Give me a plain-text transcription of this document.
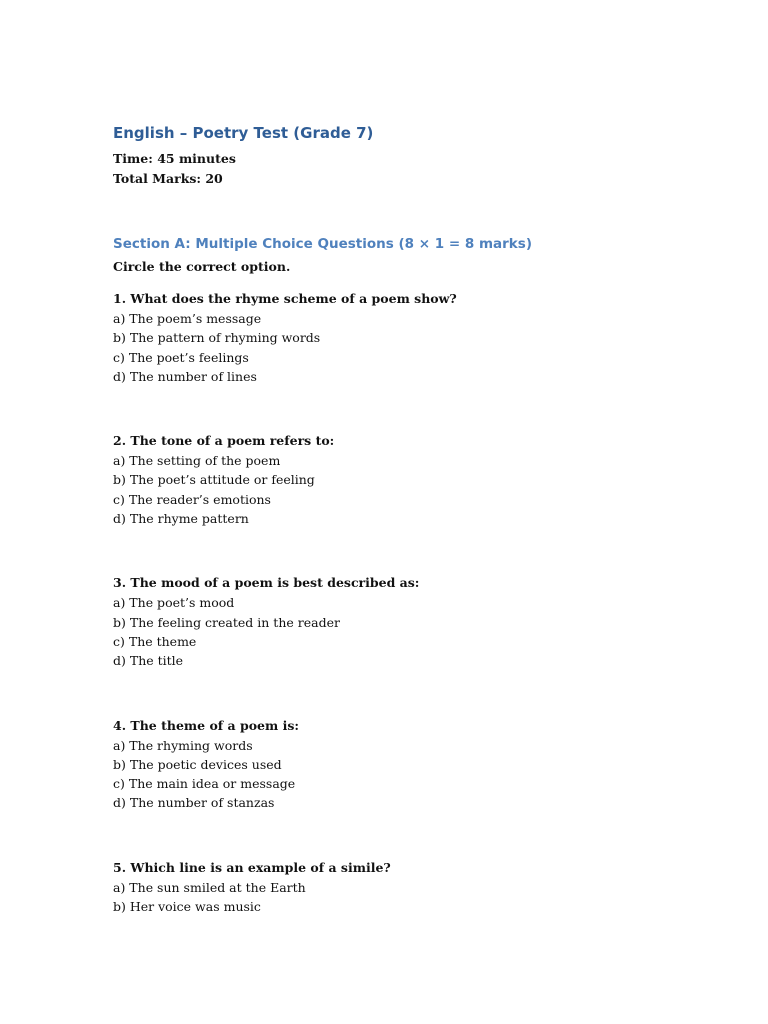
English – Poetry Test (Grade 7)

Time: 45 minutes

Total Marks: 20

Section A: Multiple Choice Questions (8 × 1 = 8 marks)

Circle the correct option.

1. What does the rhyme scheme of a poem show?

a) The poem’s message

b) The pattern of rhyming words

c) The poet’s feelings

d) The number of lines

2. The tone of a poem refers to:

a) The setting of the poem

b) The poet’s attitude or feeling

c) The reader’s emotions

d) The rhyme pattern

3. The mood of a poem is best described as:

a) The poet’s mood

b) The feeling created in the reader

c) The theme

d) The title

4. The theme of a poem is:

a) The rhyming words

b) The poetic devices used

c) The main idea or message

d) The number of stanzas

5. Which line is an example of a simile?

a) The sun smiled at the Earth

b) Her voice was music
